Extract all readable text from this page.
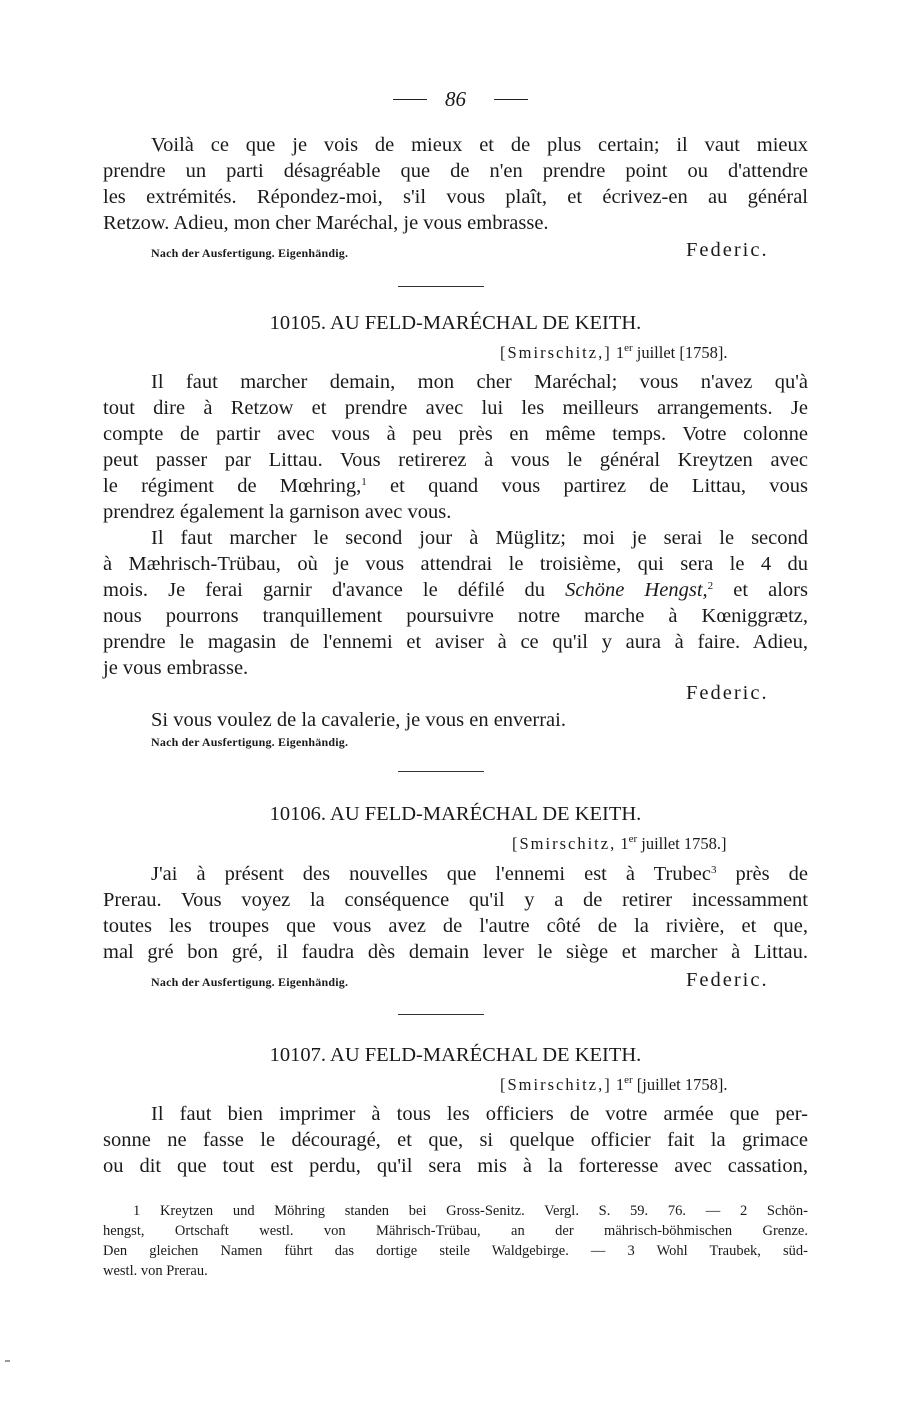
86
Voilà ce que je vois de mieux et de plus certain; il vaut mieux
prendre un parti désagréable que de n'en prendre point ou d'attendre
les extrémités. Répondez-moi, s'il vous plaît, et écrivez-en au général
Retzow. Adieu, mon cher Maréchal, je vous embrasse.
Nach der Ausfertigung. Eigenhändig.	Federic.
10105. AU FELD-MARÉCHAL DE KEITH.
[Smirschitz,] 1er juillet [1758].
Il faut marcher demain, mon cher Maréchal; vous n'avez qu'à
tout dire à Retzow et prendre avec lui les meilleurs arrangements. Je
compte de partir avec vous à peu près en même temps. Votre colonne
peut passer par Littau. Vous retirerez à vous le général Kreytzen avec
le régiment de Mœhring,$^1$ et quand vous partirez de Littau, vous
prendrez également la garnison avec vous.
Il faut marcher le second jour à Müglitz; moi je serai le second
à Mæhrisch-Trübau, où je vous attendrai le troisième, qui sera le 4 du
mois. Je ferai garnir d'avance le défilé du Schöne Hengst,$^2$ et alors
nous pourrons tranquillement poursuivre notre marche à Kœniggrætz,
prendre le magasin de l'ennemi et aviser à ce qu'il y aura à faire. Adieu,
je vous embrasse.
Federic.
Si vous voulez de la cavalerie, je vous en enverrai.
Nach der Ausfertigung. Eigenhändig.
10106. AU FELD-MARÉCHAL DE KEITH.
[Smirschitz, 1er juillet 1758.]
J'ai à présent des nouvelles que l'ennemi est à Trubec$^3$ près de
Prerau. Vous voyez la conséquence qu'il y a de retirer incessamment
toutes les troupes que vous avez de l'autre côté de la rivière, et que,
mal gré bon gré, il faudra dès demain lever le siège et marcher à Littau.
Nach der Ausfertigung. Eigenhändig.	Federic.
10107. AU FELD-MARÉCHAL DE KEITH.
[Smirschitz,] 1er [juillet 1758].
Il faut bien imprimer à tous les officiers de votre armée que per-
sonne ne fasse le découragé, et que, si quelque officier fait la grimace
ou dit que tout est perdu, qu'il sera mis à la forteresse avec cassation,
1 Kreytzen und Möhring standen bei Gross-Senitz. Vergl. S. 59. 76. — 2 Schön-
hengst, Ortschaft westl. von Mährisch-Trübau, an der mährisch-böhmischen Grenze.
Den gleichen Namen führt das dortige steile Waldgebirge. — 3 Wohl Traubek, süd-
westl. von Prerau.
